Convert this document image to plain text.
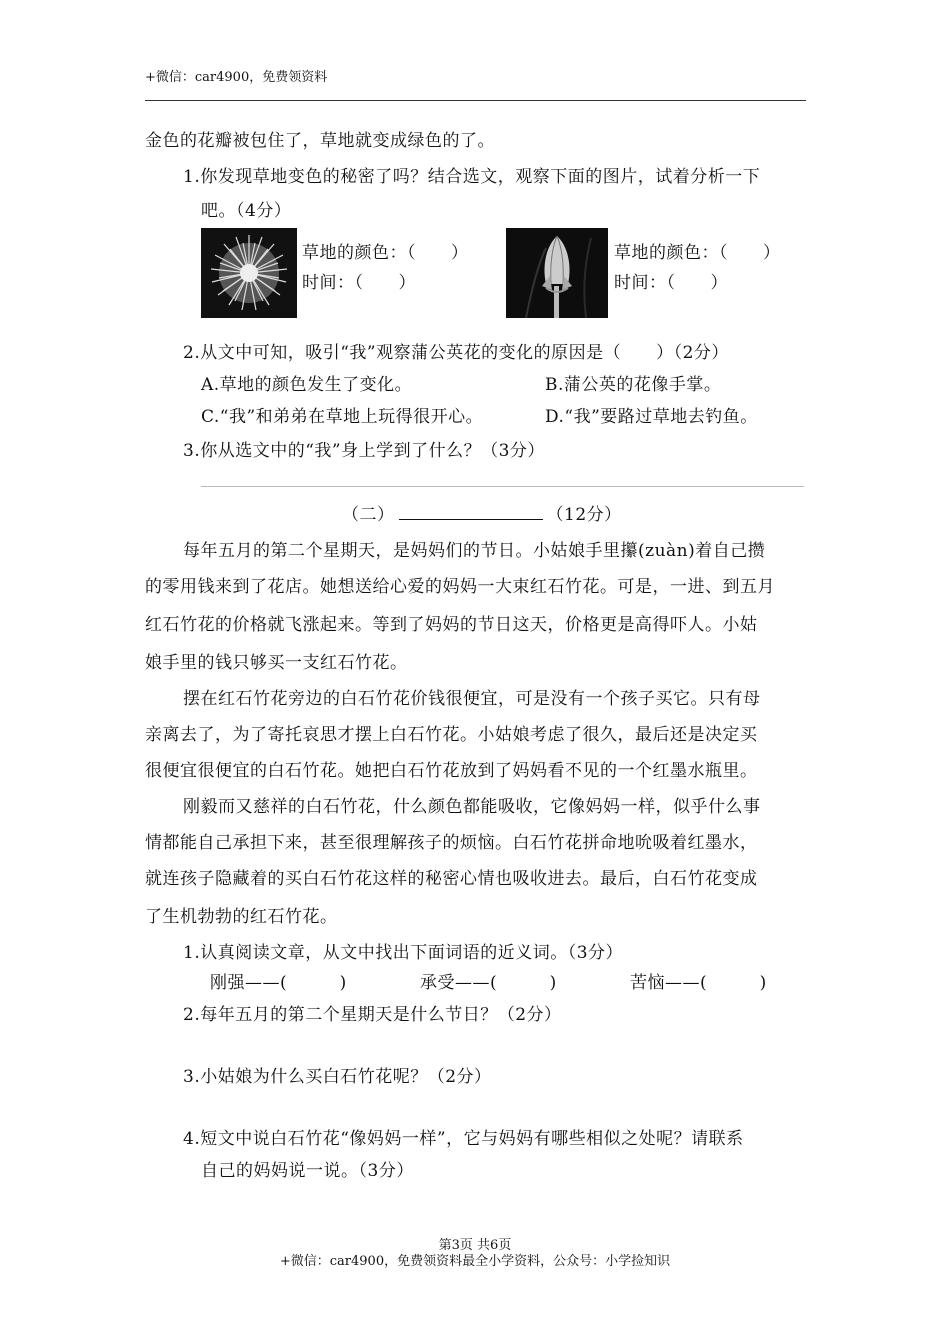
+微信：car4900，免费领资料
金色的花瓣被包住了，草地就变成绿色的了。
1.你发现草地变色的秘密了吗？结合选文，观察下面的图片，试着分析一下
吧。（4分）
草地的颜色：（　　）
时间：（　　）
草地的颜色：（　　）
时间：（　　）
2.从文中可知，吸引“我”观察蒲公英花的变化的原因是（　　）（2分）
A.草地的颜色发生了变化。	B.蒲公英的花像手掌。
C.“我”和弟弟在草地上玩得很开心。	D.“我”要路过草地去钓鱼。
3.你从选文中的“我”身上学到了什么？（3分）
（二）	（12分）
每年五月的第二个星期天，是妈妈们的节日。小姑娘手里攥(zuàn)着自己攒
的零用钱来到了花店。她想送给心爱的妈妈一大束红石竹花。可是，一进、到五月
红石竹花的价格就飞涨起来。等到了妈妈的节日这天，价格更是高得吓人。小姑
娘手里的钱只够买一支红石竹花。
摆在红石竹花旁边的白石竹花价钱很便宜，可是没有一个孩子买它。只有母
亲离去了，为了寄托哀思才摆上白石竹花。小姑娘考虑了很久，最后还是决定买
很便宜很便宜的白石竹花。她把白石竹花放到了妈妈看不见的一个红墨水瓶里。
刚毅而又慈祥的白石竹花，什么颜色都能吸收，它像妈妈一样，似乎什么事
情都能自己承担下来，甚至很理解孩子的烦恼。白石竹花拼命地吮吸着红墨水，
就连孩子隐藏着的买白石竹花这样的秘密心情也吸收进去。最后，白石竹花变成
了生机勃勃的红石竹花。
1.认真阅读文章，从文中找出下面词语的近义词。（3分）
刚强——(　　　)	承受——(　　　)	苦恼——(　　　)
2.每年五月的第二个星期天是什么节日？（2分）
3.小姑娘为什么买白石竹花呢？（2分）
4.短文中说白石竹花“像妈妈一样”，它与妈妈有哪些相似之处呢？请联系
自己的妈妈说一说。（3分）
第3页 共6页
+微信：car4900，免费领资料最全小学资料，公众号：小学捡知识
